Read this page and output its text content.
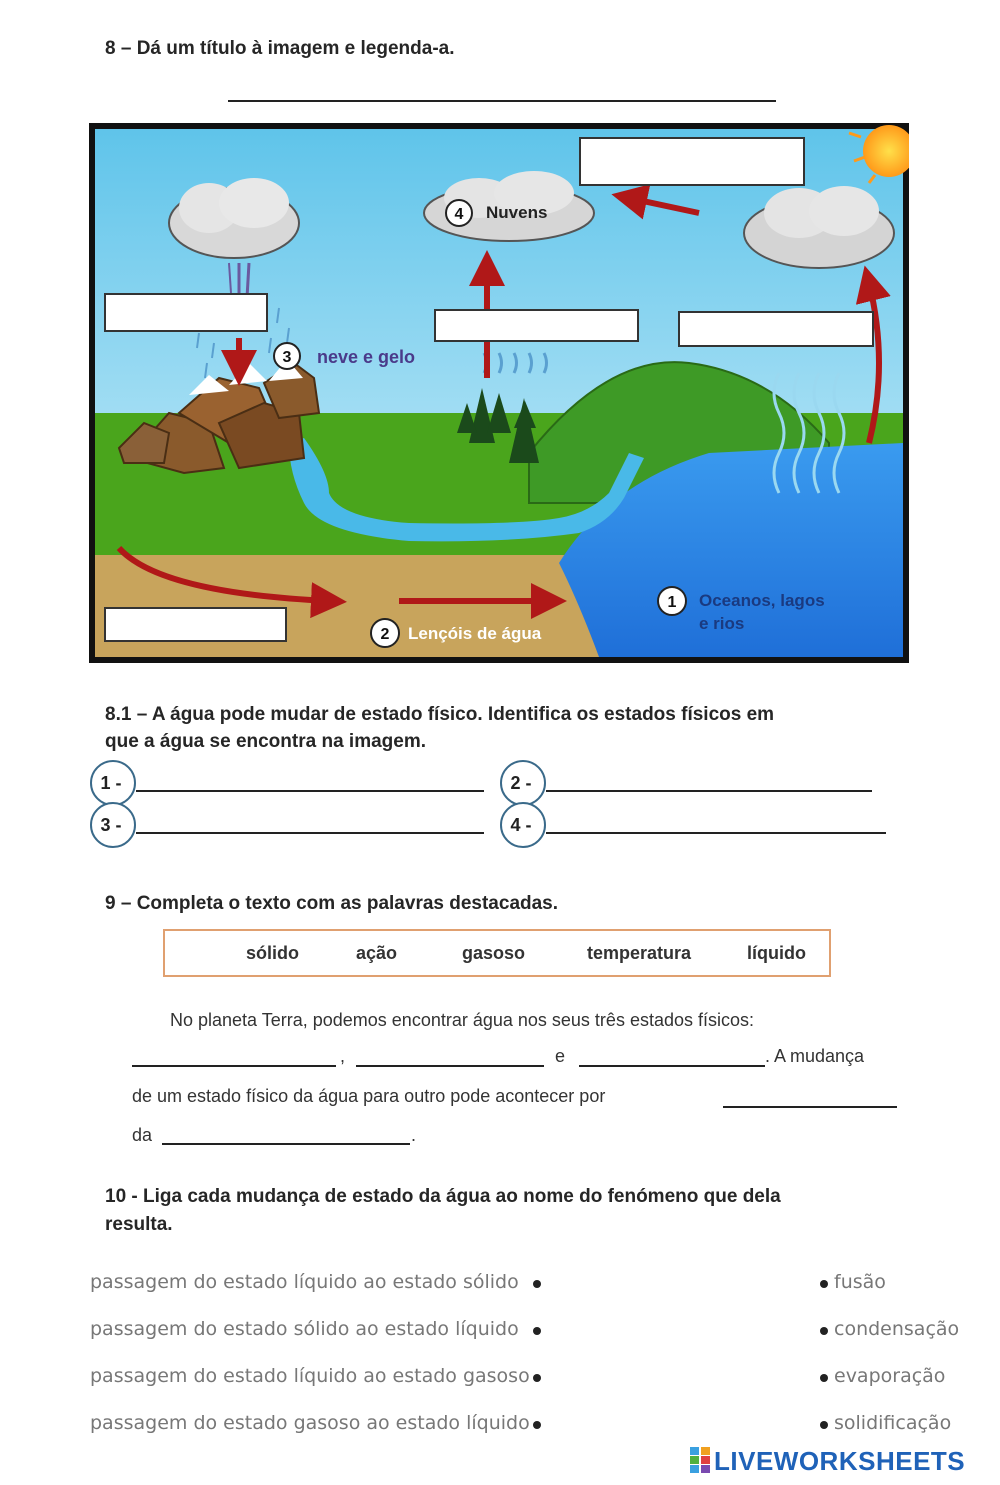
8 – Dá um título à imagem e legenda-a.
4 Nuvens
3 neve e gelo
2 Lençóis de água
1 Oceanos, lagos
e rios
8.1 – A água pode mudar de estado físico. Identifica os estados físicos em
que a água se encontra na imagem.
1 -	2 -
3 -	4 -
9 – Completa o texto com as palavras destacadas.
sólido	ação	gasoso	temperatura	líquido
No planeta Terra, podemos encontrar água nos seus três estados físicos:
,	e	. A mudança
de um estado físico da água para outro pode acontecer por
da	.
10 - Liga cada mudança de estado da água ao nome do fenómeno que dela
resulta.
passagem do estado líquido ao estado sólido
passagem do estado sólido ao estado líquido
passagem do estado líquido ao estado gasoso
passagem do estado gasoso ao estado líquido
fusão
condensação
evaporação
solidificação
LIVEWORKSHEETS
